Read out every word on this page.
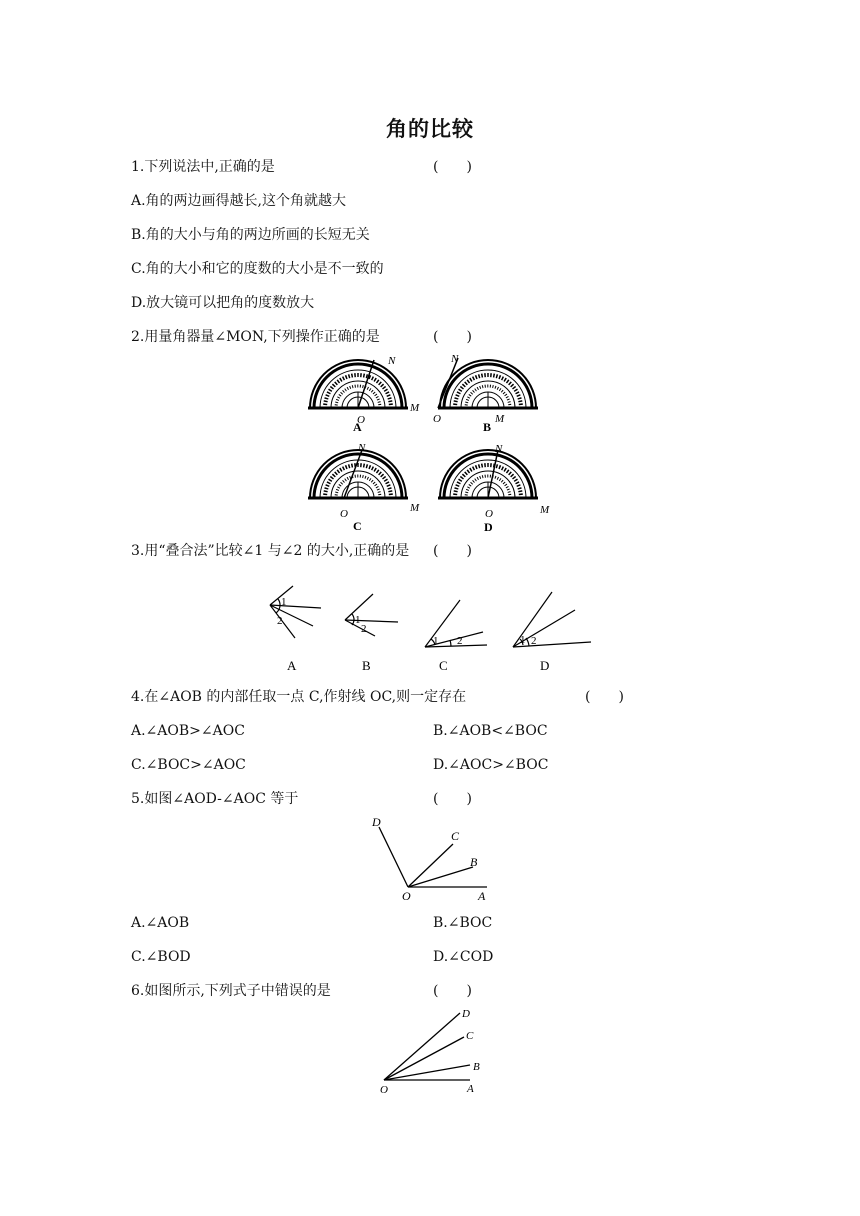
角的比较
1.下列说法中,正确的是	(　　)
A.角的两边画得越长,这个角就越大
B.角的大小与角的两边所画的长短无关
C.角的大小和它的度数的大小是不一致的
D.放大镜可以把角的度数放大
2.用量角器量∠MON,下列操作正确的是	(　　)
O
M
N
A
O	M
N
B
O	M
N
C
O	M
N
D
3.用“叠合法”比较∠1 与∠2 的大小,正确的是 (　　)
1
2	1
2
1 2	1 2
A	B	C	D
4.在∠AOB 的内部任取一点 C,作射线 OC,则一定存在	(　　)
A.∠AOB>∠AOC	B.∠AOB<∠BOC
C.∠BOC>∠AOC	D.∠AOC>∠BOC
5.如图∠AOD-∠AOC 等于	(　　)
D
C
B
O	A
A.∠AOB	B.∠BOC
C.∠BOD	D.∠COD
6.如图所示,下列式子中错误的是	(　　)
D
C
B
O	A
